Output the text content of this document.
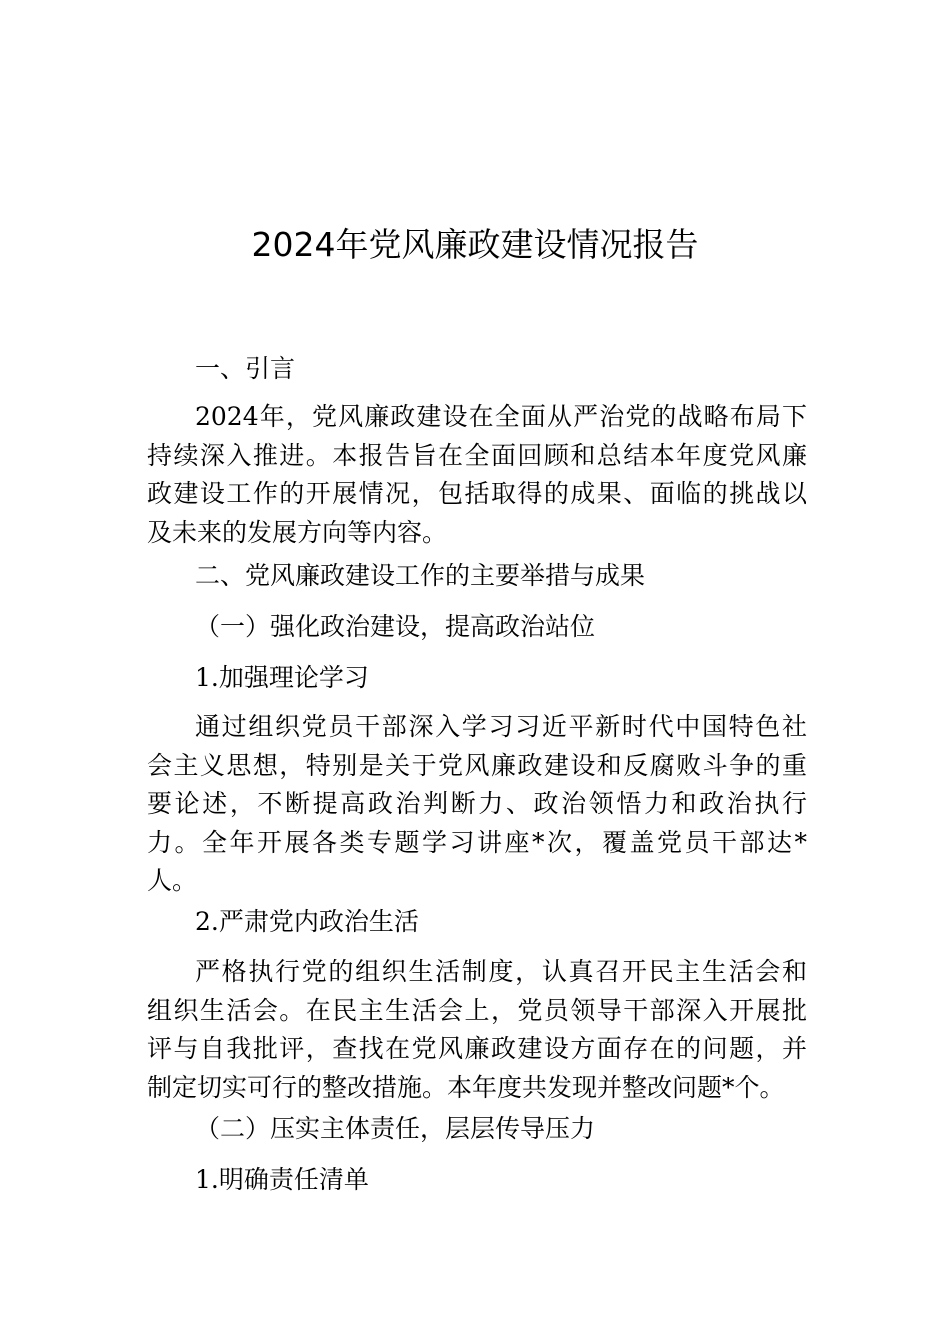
2024年党风廉政建设情况报告
一、引言
2024年，党风廉政建设在全面从严治党的战略布局下
持续深入推进。本报告旨在全面回顾和总结本年度党风廉
政建设工作的开展情况，包括取得的成果、面临的挑战以
及未来的发展方向等内容。
二、党风廉政建设工作的主要举措与成果
（一）强化政治建设，提高政治站位
1.加强理论学习
通过组织党员干部深入学习习近平新时代中国特色社
会主义思想，特别是关于党风廉政建设和反腐败斗争的重
要论述，不断提高政治判断力、政治领悟力和政治执行
力。全年开展各类专题学习讲座*次，覆盖党员干部达*
人。
2.严肃党内政治生活
严格执行党的组织生活制度，认真召开民主生活会和
组织生活会。在民主生活会上，党员领导干部深入开展批
评与自我批评，查找在党风廉政建设方面存在的问题，并
制定切实可行的整改措施。本年度共发现并整改问题*个。
（二）压实主体责任，层层传导压力
1.明确责任清单
